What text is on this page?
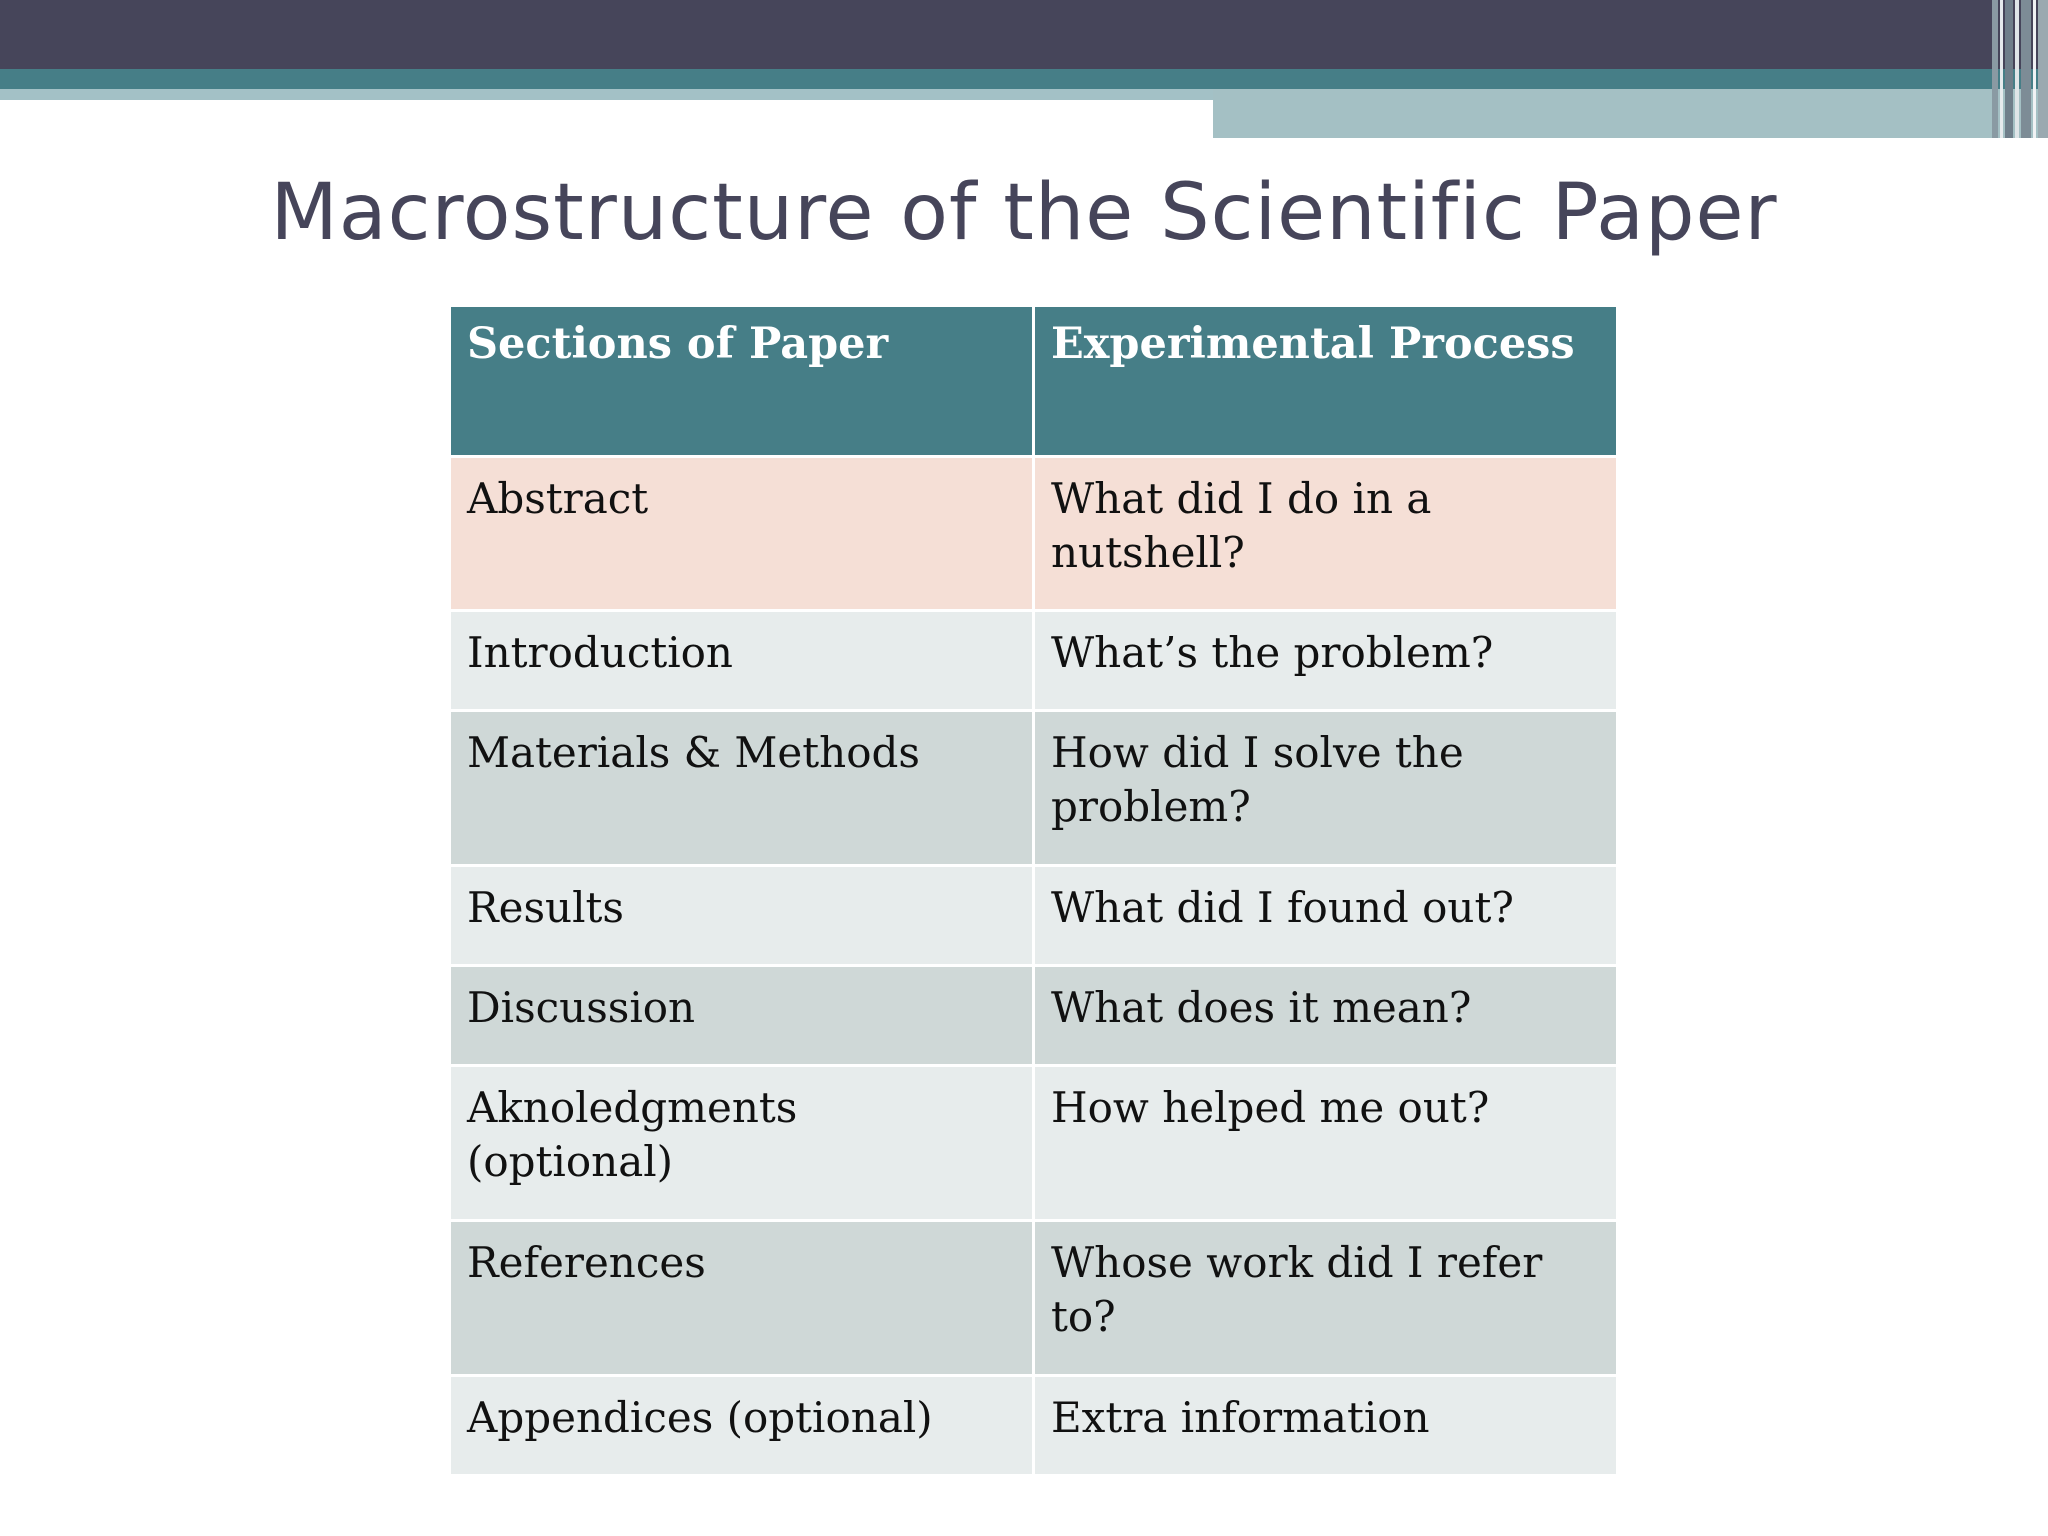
Macrostructure of the Scientific Paper
Sections of Paper	Experimental Process
Abstract	What did I do in a nutshell?
Introduction	What’s the problem?
Materials & Methods	How did I solve the problem?
Results	What did I found out?
Discussion	What does it mean?
Aknoledgments (optional)	How helped me out?
References	Whose work did I refer to?
Appendices (optional)	Extra information
